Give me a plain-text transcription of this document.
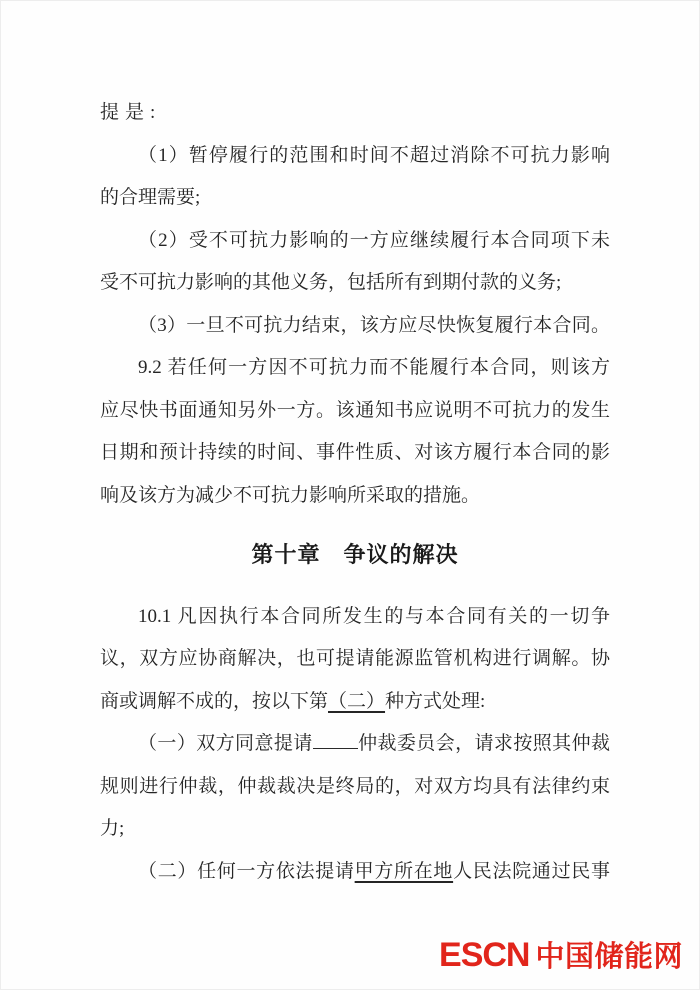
提是:
（1）暂停履行的范围和时间不超过消除不可抗力影响
的合理需要;
（2）受不可抗力影响的一方应继续履行本合同项下未
受不可抗力影响的其他义务，包括所有到期付款的义务;
（3）一旦不可抗力结束，该方应尽快恢复履行本合同。
9.2 若任何一方因不可抗力而不能履行本合同，则该方
应尽快书面通知另外一方。该通知书应说明不可抗力的发生
日期和预计持续的时间、事件性质、对该方履行本合同的影
响及该方为减少不可抗力影响所采取的措施。
第十章　争议的解决
10.1 凡因执行本合同所发生的与本合同有关的一切争
议，双方应协商解决，也可提请能源监管机构进行调解。协
商或调解不成的，按以下第（二）种方式处理:
（一）双方同意提请 仲裁委员会，请求按照其仲裁
规则进行仲裁，仲裁裁决是终局的，对双方均具有法律约束
力;
（二）任何一方依法提请甲方所在地人民法院通过民事
ESCN 中国储能网
